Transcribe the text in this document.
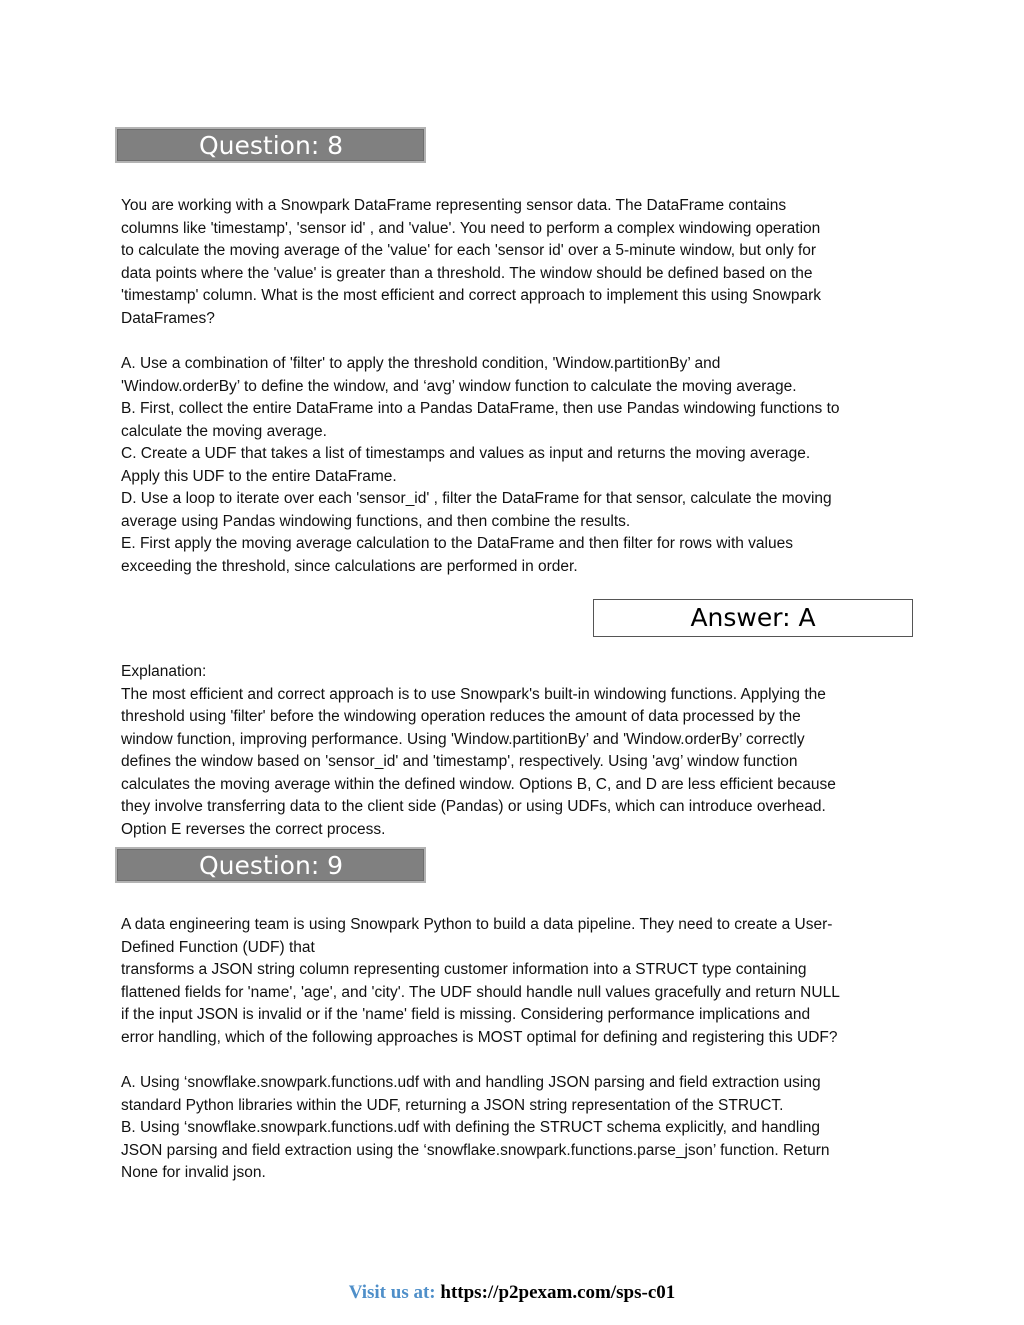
Question: 8
You are working with a Snowpark DataFrame representing sensor data. The DataFrame contains
columns like 'timestamp', 'sensor id' , and 'value'. You need to perform a complex windowing operation
to calculate the moving average of the 'value' for each 'sensor id' over a 5-minute window, but only for
data points where the 'value' is greater than a threshold. The window should be defined based on the
'timestamp' column. What is the most efficient and correct approach to implement this using Snowpark
DataFrames?
A. Use a combination of 'filter' to apply the threshold condition, 'Window.partitionBy’ and
'Window.orderBy’ to define the window, and ‘avg’ window function to calculate the moving average.
B. First, collect the entire DataFrame into a Pandas DataFrame, then use Pandas windowing functions to
calculate the moving average.
C. Create a UDF that takes a list of timestamps and values as input and returns the moving average.
Apply this UDF to the entire DataFrame.
D. Use a loop to iterate over each 'sensor_id' , filter the DataFrame for that sensor, calculate the moving
average using Pandas windowing functions, and then combine the results.
E. First apply the moving average calculation to the DataFrame and then filter for rows with values
exceeding the threshold, since calculations are performed in order.
Answer: A
Explanation:
The most efficient and correct approach is to use Snowpark's built-in windowing functions. Applying the
threshold using 'filter' before the windowing operation reduces the amount of data processed by the
window function, improving performance. Using 'Window.partitionBy’ and 'Window.orderBy’ correctly
defines the window based on 'sensor_id' and 'timestamp', respectively. Using 'avg’ window function
calculates the moving average within the defined window. Options B, C, and D are less efficient because
they involve transferring data to the client side (Pandas) or using UDFs, which can introduce overhead.
Option E reverses the correct process.
Question: 9
A data engineering team is using Snowpark Python to build a data pipeline. They need to create a User-
Defined Function (UDF) that
transforms a JSON string column representing customer information into a STRUCT type containing
flattened fields for 'name', 'age', and 'city'. The UDF should handle null values gracefully and return NULL
if the input JSON is invalid or if the 'name' field is missing. Considering performance implications and
error handling, which of the following approaches is MOST optimal for defining and registering this UDF?
A. Using ‘snowflake.snowpark.functions.udf with and handling JSON parsing and field extraction using
standard Python libraries within the UDF, returning a JSON string representation of the STRUCT.
B. Using ‘snowflake.snowpark.functions.udf with defining the STRUCT schema explicitly, and handling
JSON parsing and field extraction using the ‘snowflake.snowpark.functions.parse_json’ function. Return
None for invalid json.
Visit us at: https://p2pexam.com/sps-c01
